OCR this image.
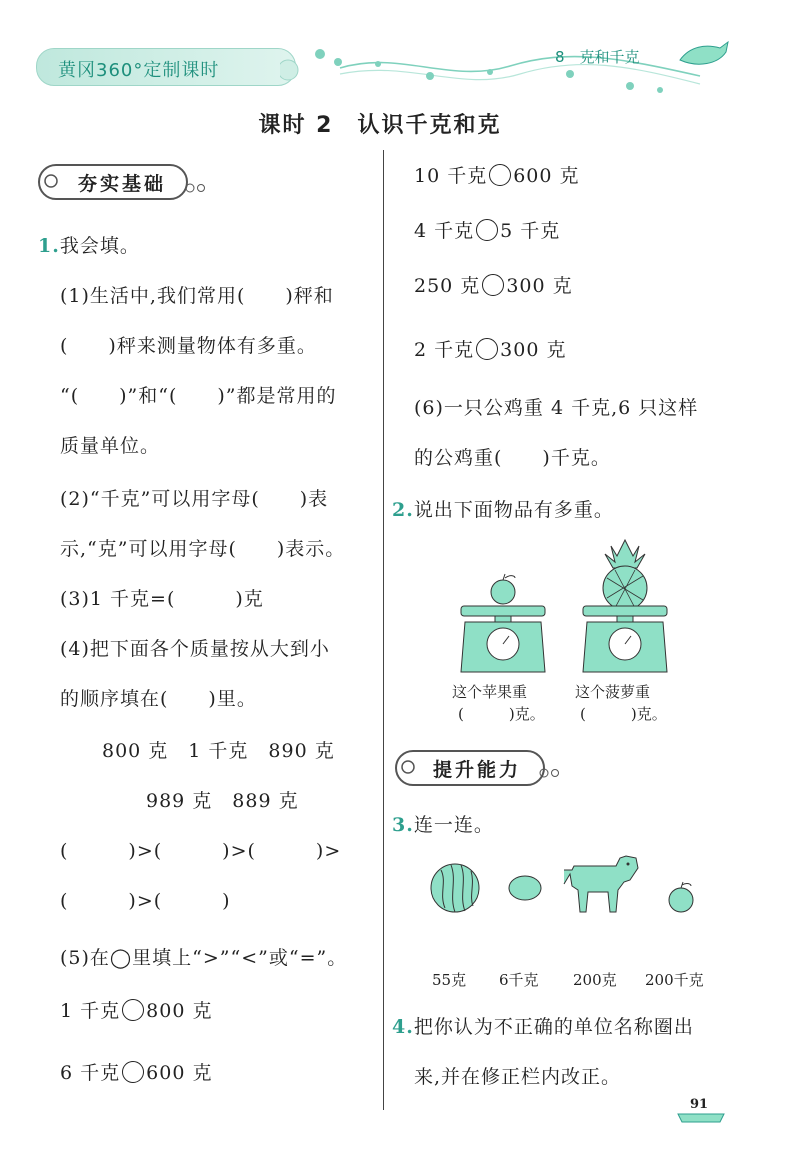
黄冈360°定制课时
8　克和千克
课时 2　认识千克和克
夯实基础
1.我会填。
(1)生活中,我们常用(　　)秤和
(　　)秤来测量物体有多重。
“(　　)”和“(　　)”都是常用的
质量单位。
(2)“千克”可以用字母(　　)表
示,“克”可以用字母(　　)表示。
(3)1 千克=(　　　)克
(4)把下面各个质量按从大到小
的顺序填在(　　)里。
800 克　1 千克　890 克
989 克　889 克
(　　　)>(　　　)>(　　　)>
(　　　)>(　　　)
(5)在◯里填上“>”“<”或“=”。
1 千克 800 克
6 千克 600 克
10 千克 600 克
4 千克 5 千克
250 克 300 克
2 千克 300 克
(6)一只公鸡重 4 千克,6 只这样
的公鸡重(　　)千克。
2.说出下面物品有多重。
这个苹果重
(　　　)克。
这个菠萝重
(　　　)克。
提升能力
3.连一连。
55克 6千克 200克 200千克
4.把你认为不正确的单位名称圈出
来,并在修正栏内改正。
91
